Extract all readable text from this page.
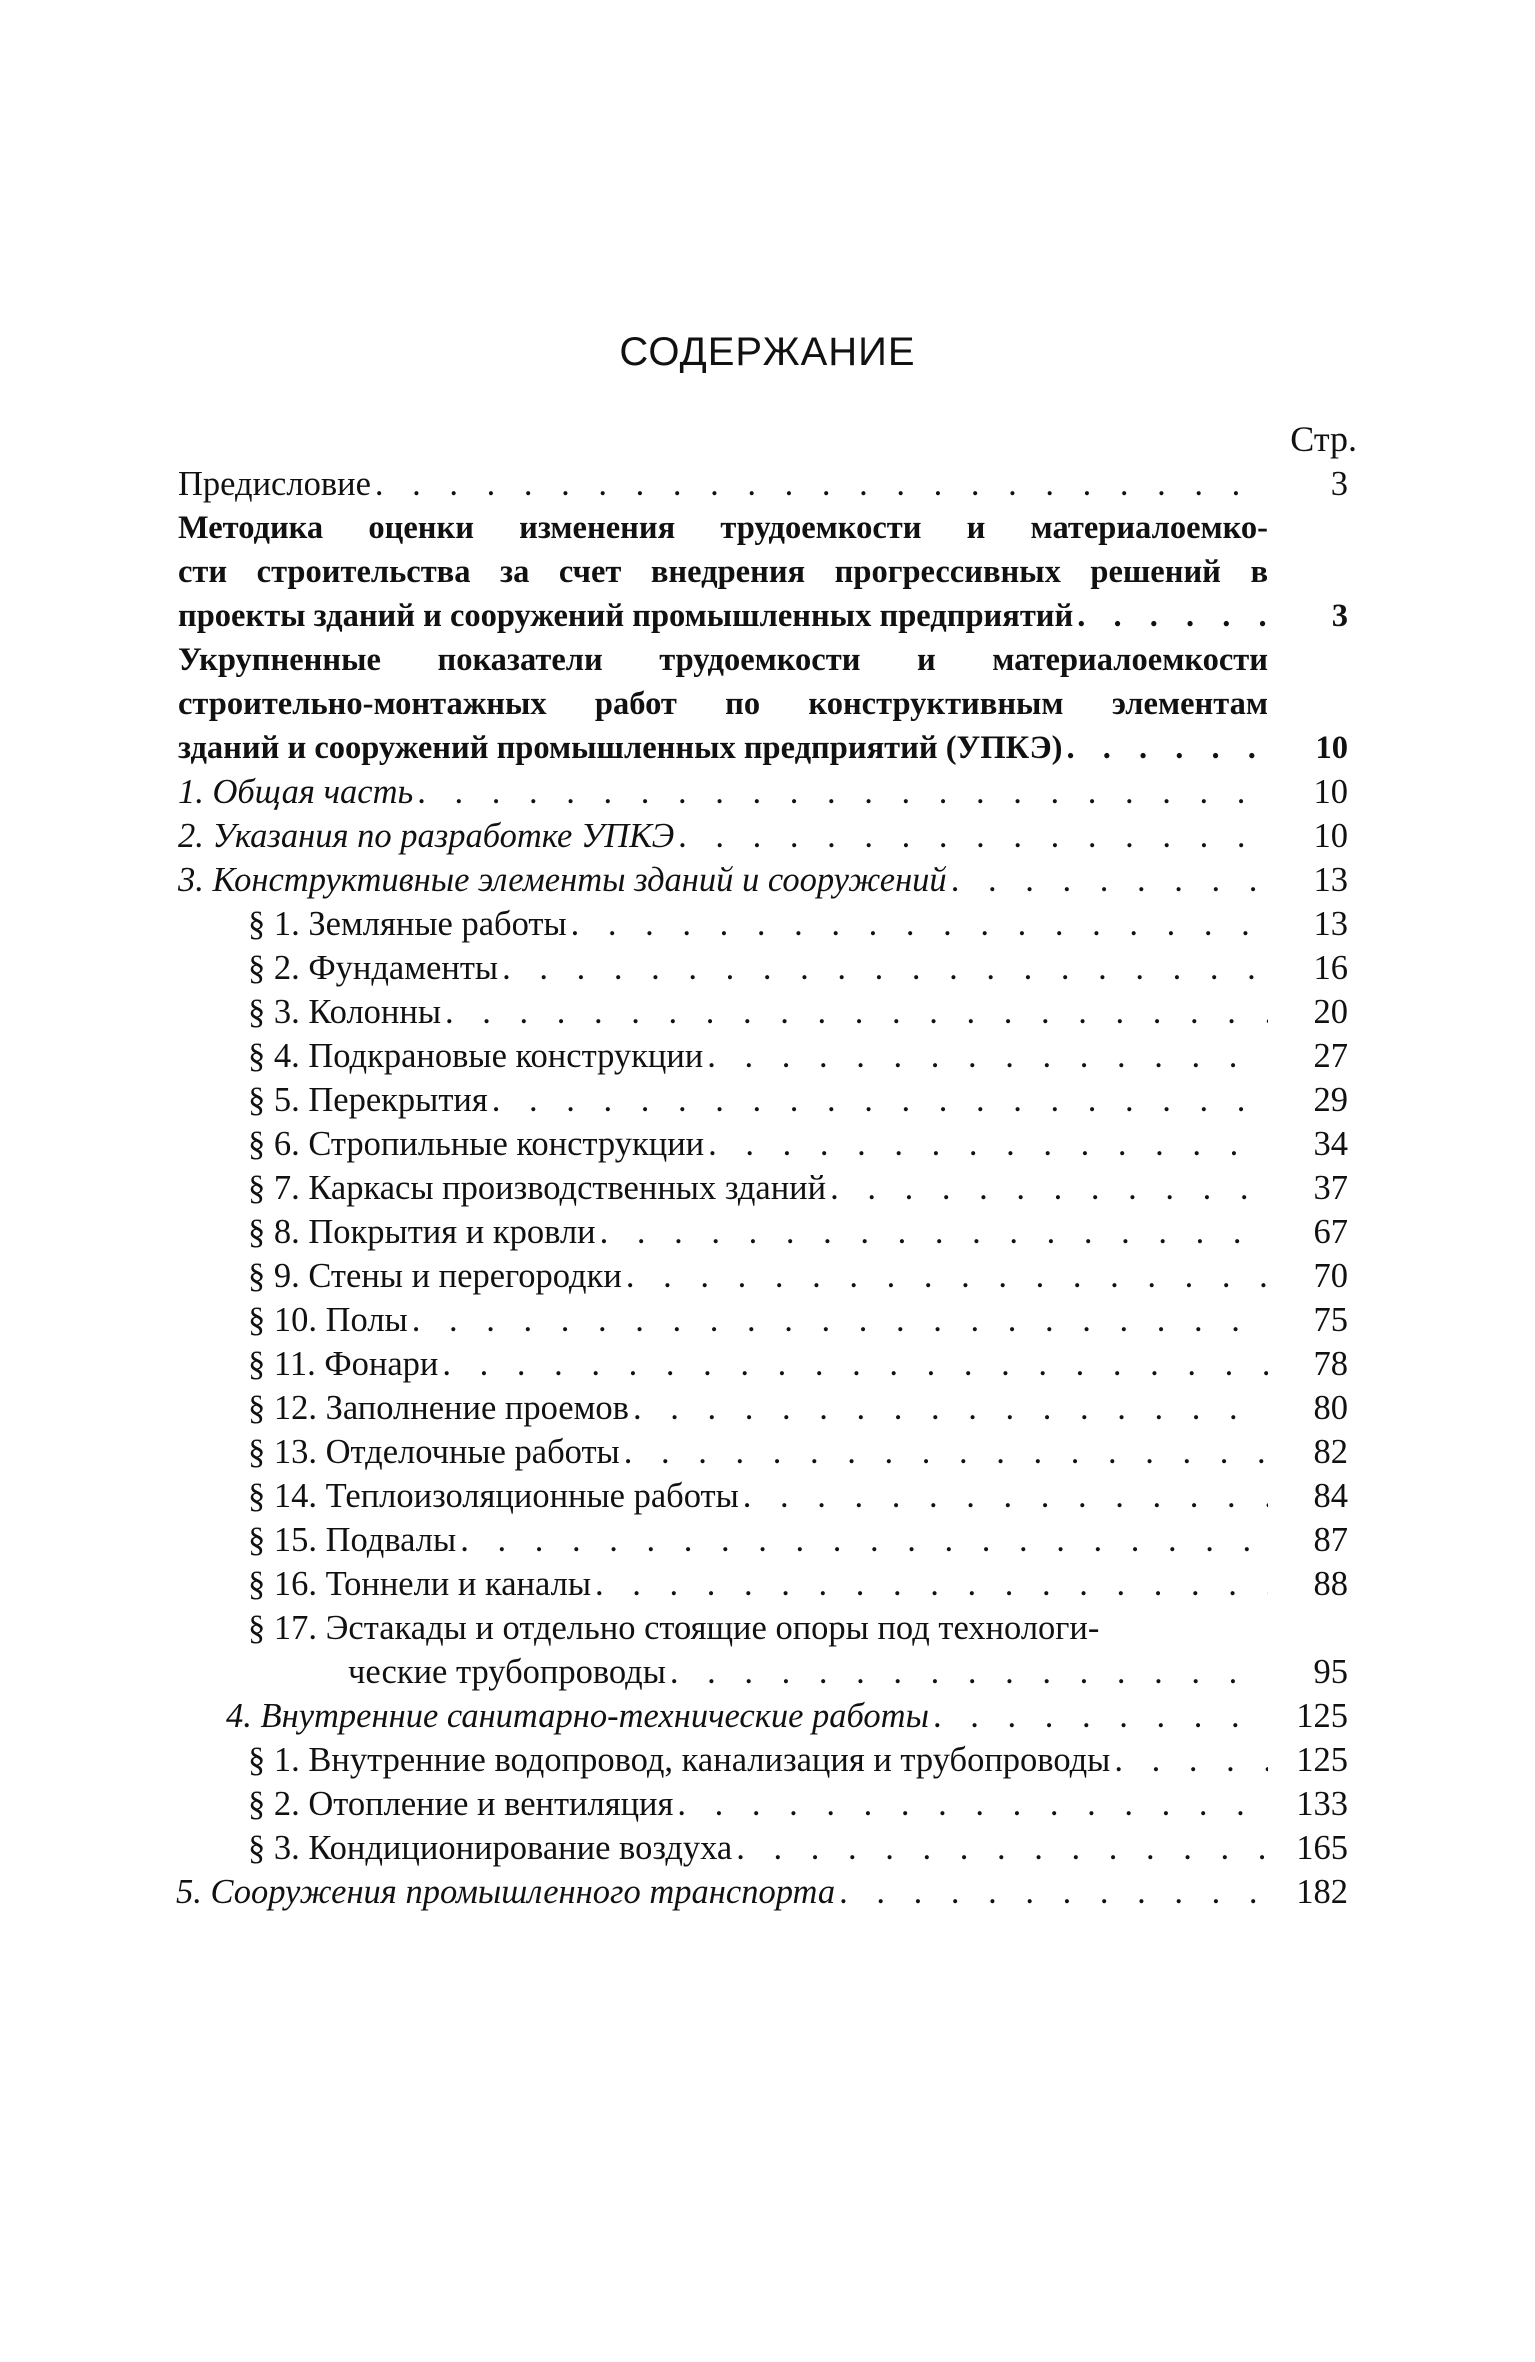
СОДЕРЖАНИЕ
Стр.
Предисловие . . .	3
Методика оценки изменения трудоемкости и материалоемко-
сти строительства за счет внедрения прогрессивных решений в
проекты зданий и сооружений промышленных предприятий . . .	3
Укрупненные показатели трудоемкости и материалоемкости
строительно-монтажных работ по конструктивным элементам
зданий и сооружений промышленных предприятий (УПКЭ) . . .	10
1. Общая часть . . .	10
2. Указания по разработке УПКЭ . . .	10
3. Конструктивные элементы зданий и сооружений . . .	13
§ 1. Земляные работы . . .	13
§ 2. Фундаменты . . .	16
§ 3. Колонны . . .	20
§ 4. Подкрановые конструкции . . .	27
§ 5. Перекрытия . . .	29
§ 6. Стропильные конструкции . . .	34
§ 7. Каркасы производственных зданий . . .	37
§ 8. Покрытия и кровли . . .	67
§ 9. Стены и перегородки . . .	70
§ 10. Полы . . .	75
§ 11. Фонари . . .	78
§ 12. Заполнение проемов . . .	80
§ 13. Отделочные работы . . .	82
§ 14. Теплоизоляционные работы . . .	84
§ 15. Подвалы . . .	87
§ 16. Тоннели и каналы . . .	88
§ 17. Эстакады и отдельно стоящие опоры под технологи-
ческие трубопроводы . . .	95
4. Внутренние санитарно-технические работы . . .	125
§ 1. Внутренние водопровод, канализация и трубопроводы . . .	125
§ 2. Отопление и вентиляция . . .	133
§ 3. Кондиционирование воздуха . . .	165
5. Сооружения промышленного транспорта . . .	182
